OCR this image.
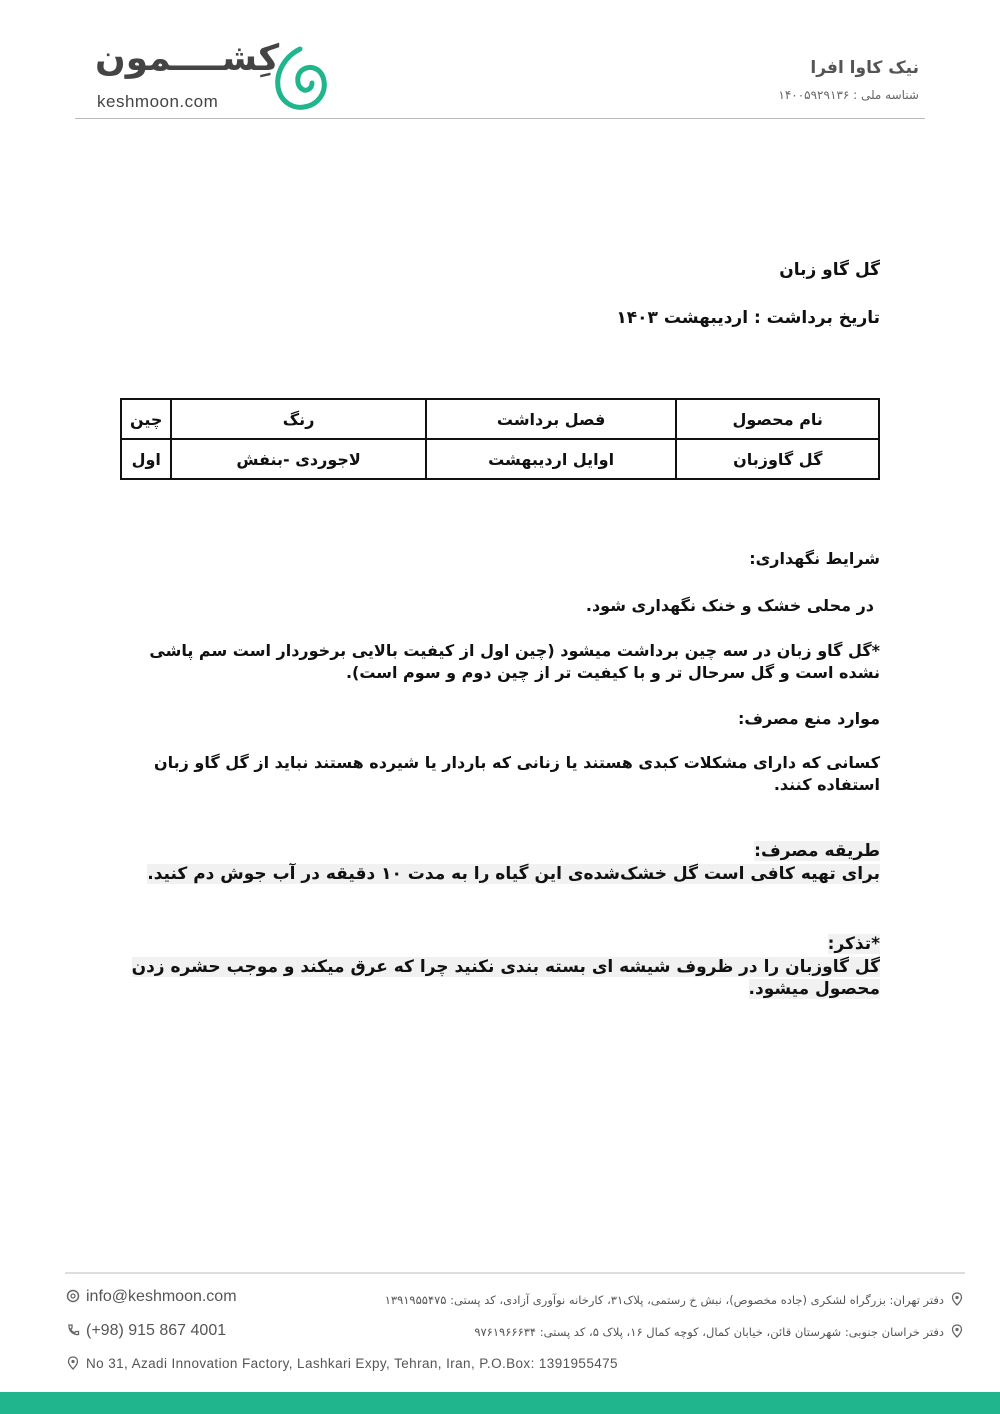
کِشــــمون
keshmoon.com
نیک کاوا افرا
شناسه ملی : ۱۴۰۰۵۹۲۹۱۳۶
گل گاو زبان
تاریخ برداشت : اردیبهشت ۱۴۰۳
نام محصول	فصل برداشت	رنگ	چین
گل گاوزبان	اوایل اردیبهشت	لاجوردی -بنفش	اول
شرایط نگهداری:
در محلی خشک و خنک نگهداری شود.
*گل گاو زبان در سه چین برداشت میشود (چین اول از کیفیت بالایی برخوردار است سم پاشی نشده است و گل سرحال تر و با کیفیت تر از چین دوم و سوم است).
موارد منع مصرف:
کسانی که دارای مشکلات کبدی هستند یا زنانی که باردار یا شیرده هستند نباید از گل گاو زبان استفاده کنند.
طریقه مصرف:
برای تهیه کافی است گل خشک‌شده‌ی این گیاه را به مدت ۱۰ دقیقه در آب جوش دم کنید.
*تذکر:
گل گاوزبان را در ظروف شیشه ای بسته بندی نکنید چرا که عرق میکند و موجب حشره زدن محصول میشود.
info@keshmoon.com
(+98) 915 867 4001
No 31, Azadi Innovation Factory, Lashkari Expy, Tehran, Iran, P.O.Box: 1391955475
دفتر تهران: بزرگراه لشکری (جاده مخصوص)، نبش خ رستمی، پلاک۳۱، کارخانه نوآوری آزادی، کد پستی: ۱۳۹۱۹۵۵۴۷۵
دفتر خراسان جنوبی: شهرستان قائن، خیابان کمال، کوچه کمال ۱۶، پلاک ۵، کد پستی: ۹۷۶۱۹۶۶۶۳۴
